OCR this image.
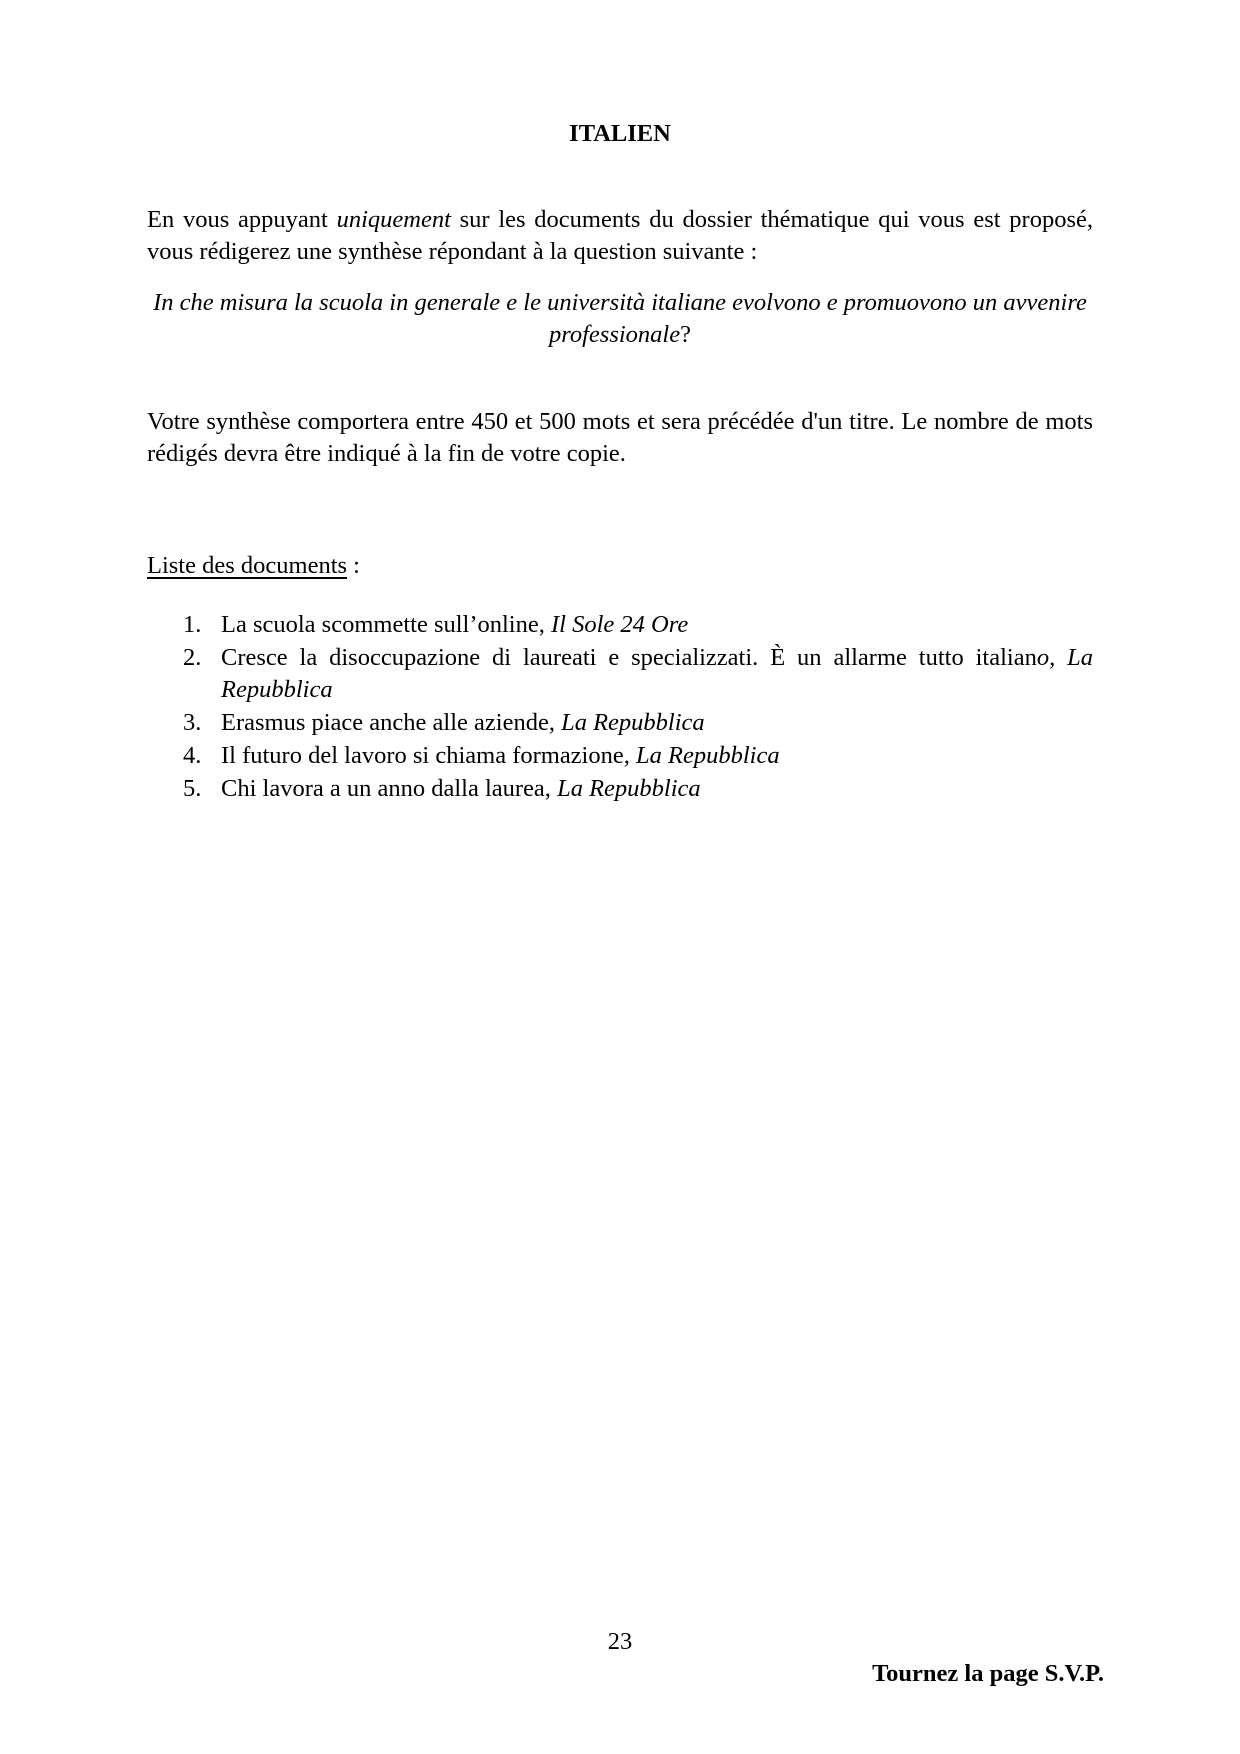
ITALIEN

En vous appuyant uniquement sur les documents du dossier thématique qui vous est proposé, vous rédigerez une synthèse répondant à la question suivante :

In che misura la scuola in generale e le università italiane evolvono e promuovono un avvenire professionale?

Votre synthèse comportera entre 450 et 500 mots et sera précédée d'un titre. Le nombre de mots rédigés devra être indiqué à la fin de votre copie.

Liste des documents :

1. La scuola scommette sull’online, Il Sole 24 Ore
2. Cresce la disoccupazione di laureati e specializzati. È un allarme tutto italiano, La Repubblica
3. Erasmus piace anche alle aziende, La Repubblica
4. Il futuro del lavoro si chiama formazione, La Repubblica
5. Chi lavora a un anno dalla laurea, La Repubblica
23
Tournez la page S.V.P.
